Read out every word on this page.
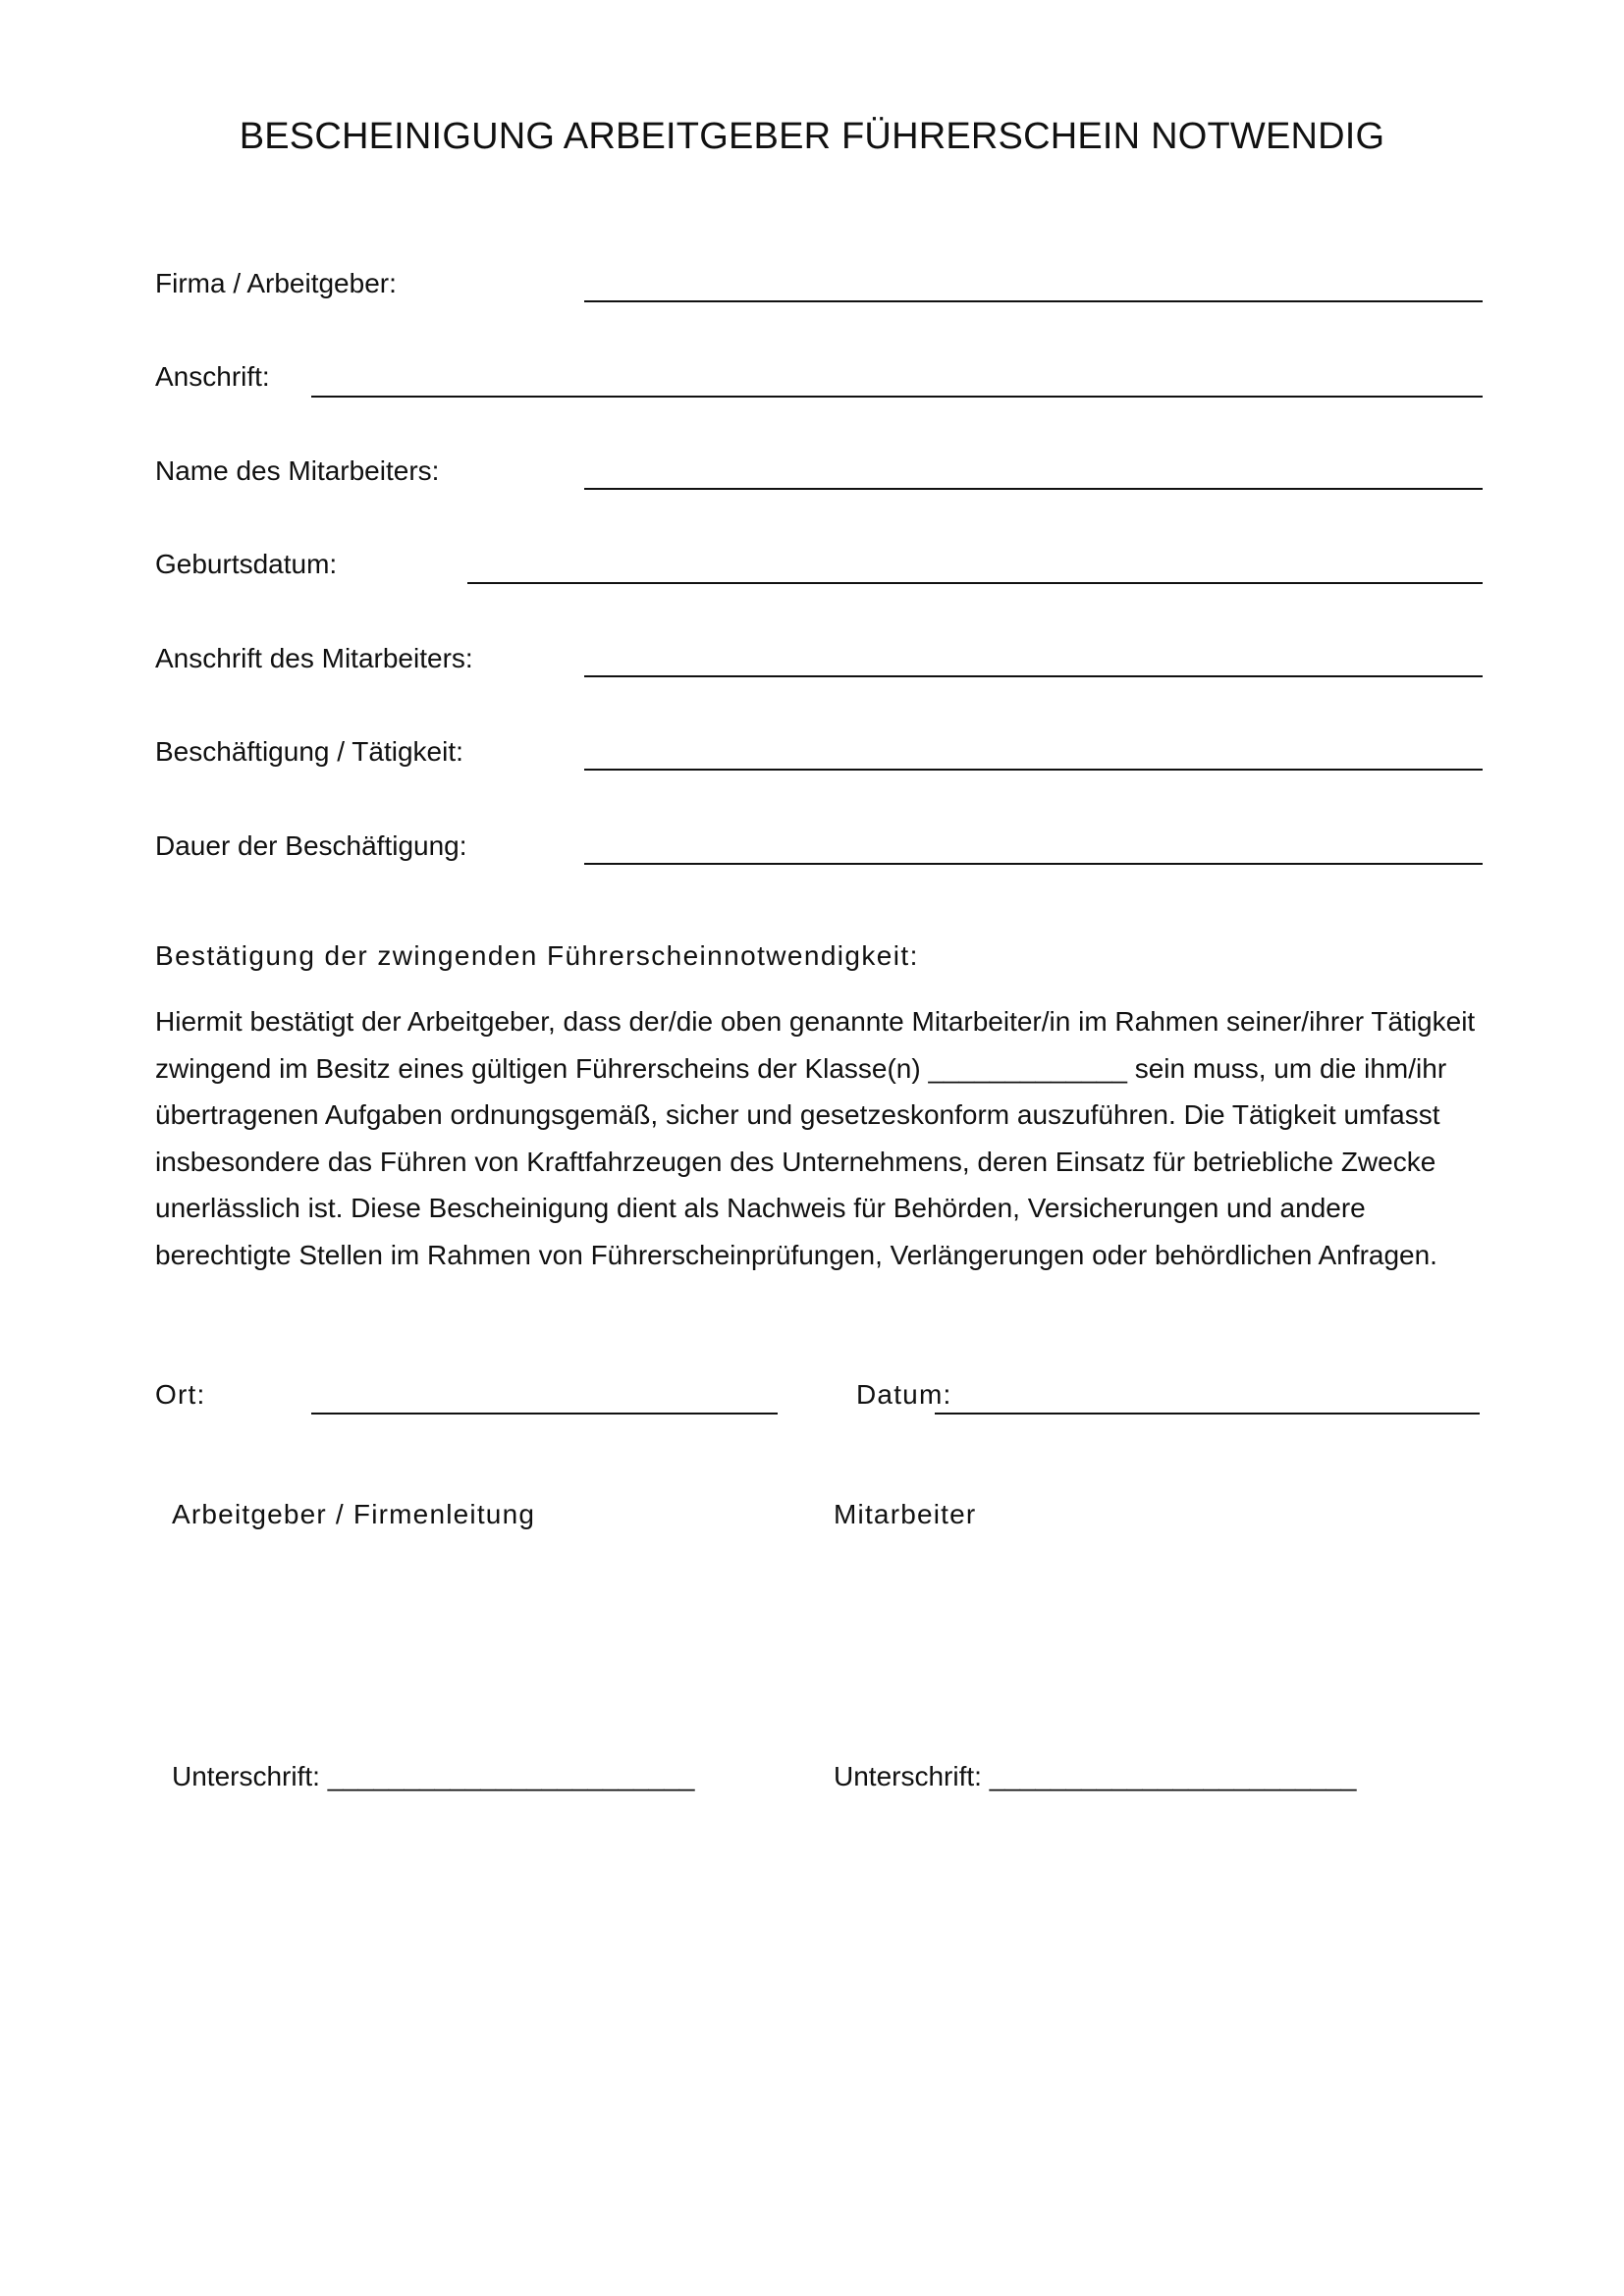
BESCHEINIGUNG ARBEITGEBER FÜHRERSCHEIN NOTWENDIG
Firma / Arbeitgeber:
Anschrift:
Name des Mitarbeiters:
Geburtsdatum:
Anschrift des Mitarbeiters:
Beschäftigung / Tätigkeit:
Dauer der Beschäftigung:
Bestätigung der zwingenden Führerscheinnotwendigkeit:

Hiermit bestätigt der Arbeitgeber, dass der/die oben genannte Mitarbeiter/in im Rahmen seiner/ihrer Tätigkeit zwingend im Besitz eines gültigen Führerscheins der Klasse(n) _____________ sein muss, um die ihm/ihr übertragenen Aufgaben ordnungsgemäß, sicher und gesetzeskonform auszuführen. Die Tätigkeit umfasst insbesondere das Führen von Kraftfahrzeugen des Unternehmens, deren Einsatz für betriebliche Zwecke unerlässlich ist. Diese Bescheinigung dient als Nachweis für Behörden, Versicherungen und andere berechtigte Stellen im Rahmen von Führerscheinprüfungen, Verlängerungen oder behördlichen Anfragen.

Ort:	Datum:
Arbeitgeber / Firmenleitung	Mitarbeiter
Unterschrift: ________________________	Unterschrift: ________________________
